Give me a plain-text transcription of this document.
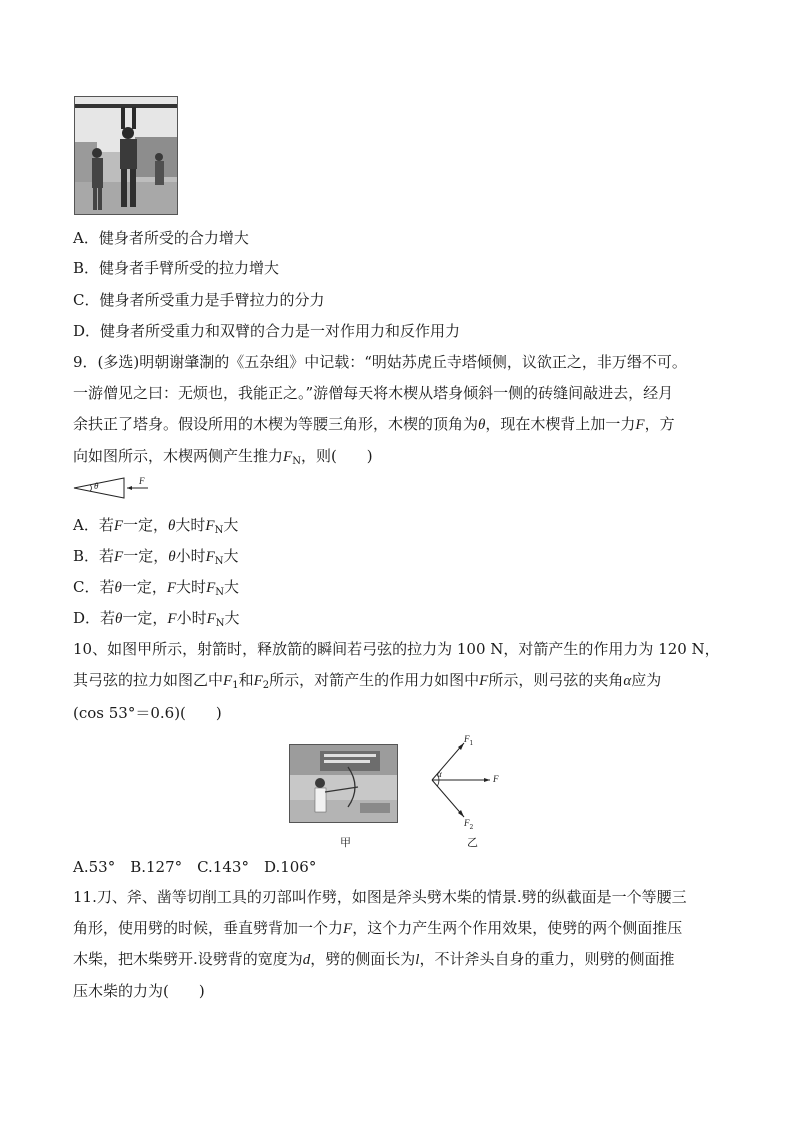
A．健身者所受的合力增大
B．健身者手臂所受的拉力增大
C．健身者所受重力是手臂拉力的分力
D．健身者所受重力和双臂的合力是一对作用力和反作用力
9．(多选)明朝谢肇淛的《五杂组》中记载：“明姑苏虎丘寺塔倾侧，议欲正之，非万缗不可。
一游僧见之曰：无烦也，我能正之。”游僧每天将木楔从塔身倾斜一侧的砖缝间敲进去，经月
余扶正了塔身。假设所用的木楔为等腰三角形，木楔的顶角为θ，现在木楔背上加一力F，方
向如图所示，木楔两侧产生推力$F_N$，则(　　)
θ	F
A．若F一定，θ大时$F_N$大
B．若F一定，θ小时$F_N$大
C．若θ一定，F大时$F_N$大
D．若θ一定，F小时$F_N$大
10、如图甲所示，射箭时，释放箭的瞬间若弓弦的拉力为 100 N，对箭产生的作用力为 120 N，
其弓弦的拉力如图乙中$F_1$和$F_2$所示，对箭产生的作用力如图中F所示，则弓弦的夹角α应为
(cos 53°＝0.6)(　　)
甲
$F_1$
$F_2$
F
α
乙
A.53°　B.127°　C.143°　D.106°
11.刀、斧、凿等切削工具的刃部叫作劈，如图是斧头劈木柴的情景.劈的纵截面是一个等腰三
角形，使用劈的时候，垂直劈背加一个力F，这个力产生两个作用效果，使劈的两个侧面推压
木柴，把木柴劈开.设劈背的宽度为d，劈的侧面长为l，不计斧头自身的重力，则劈的侧面推
压木柴的力为(　　)
